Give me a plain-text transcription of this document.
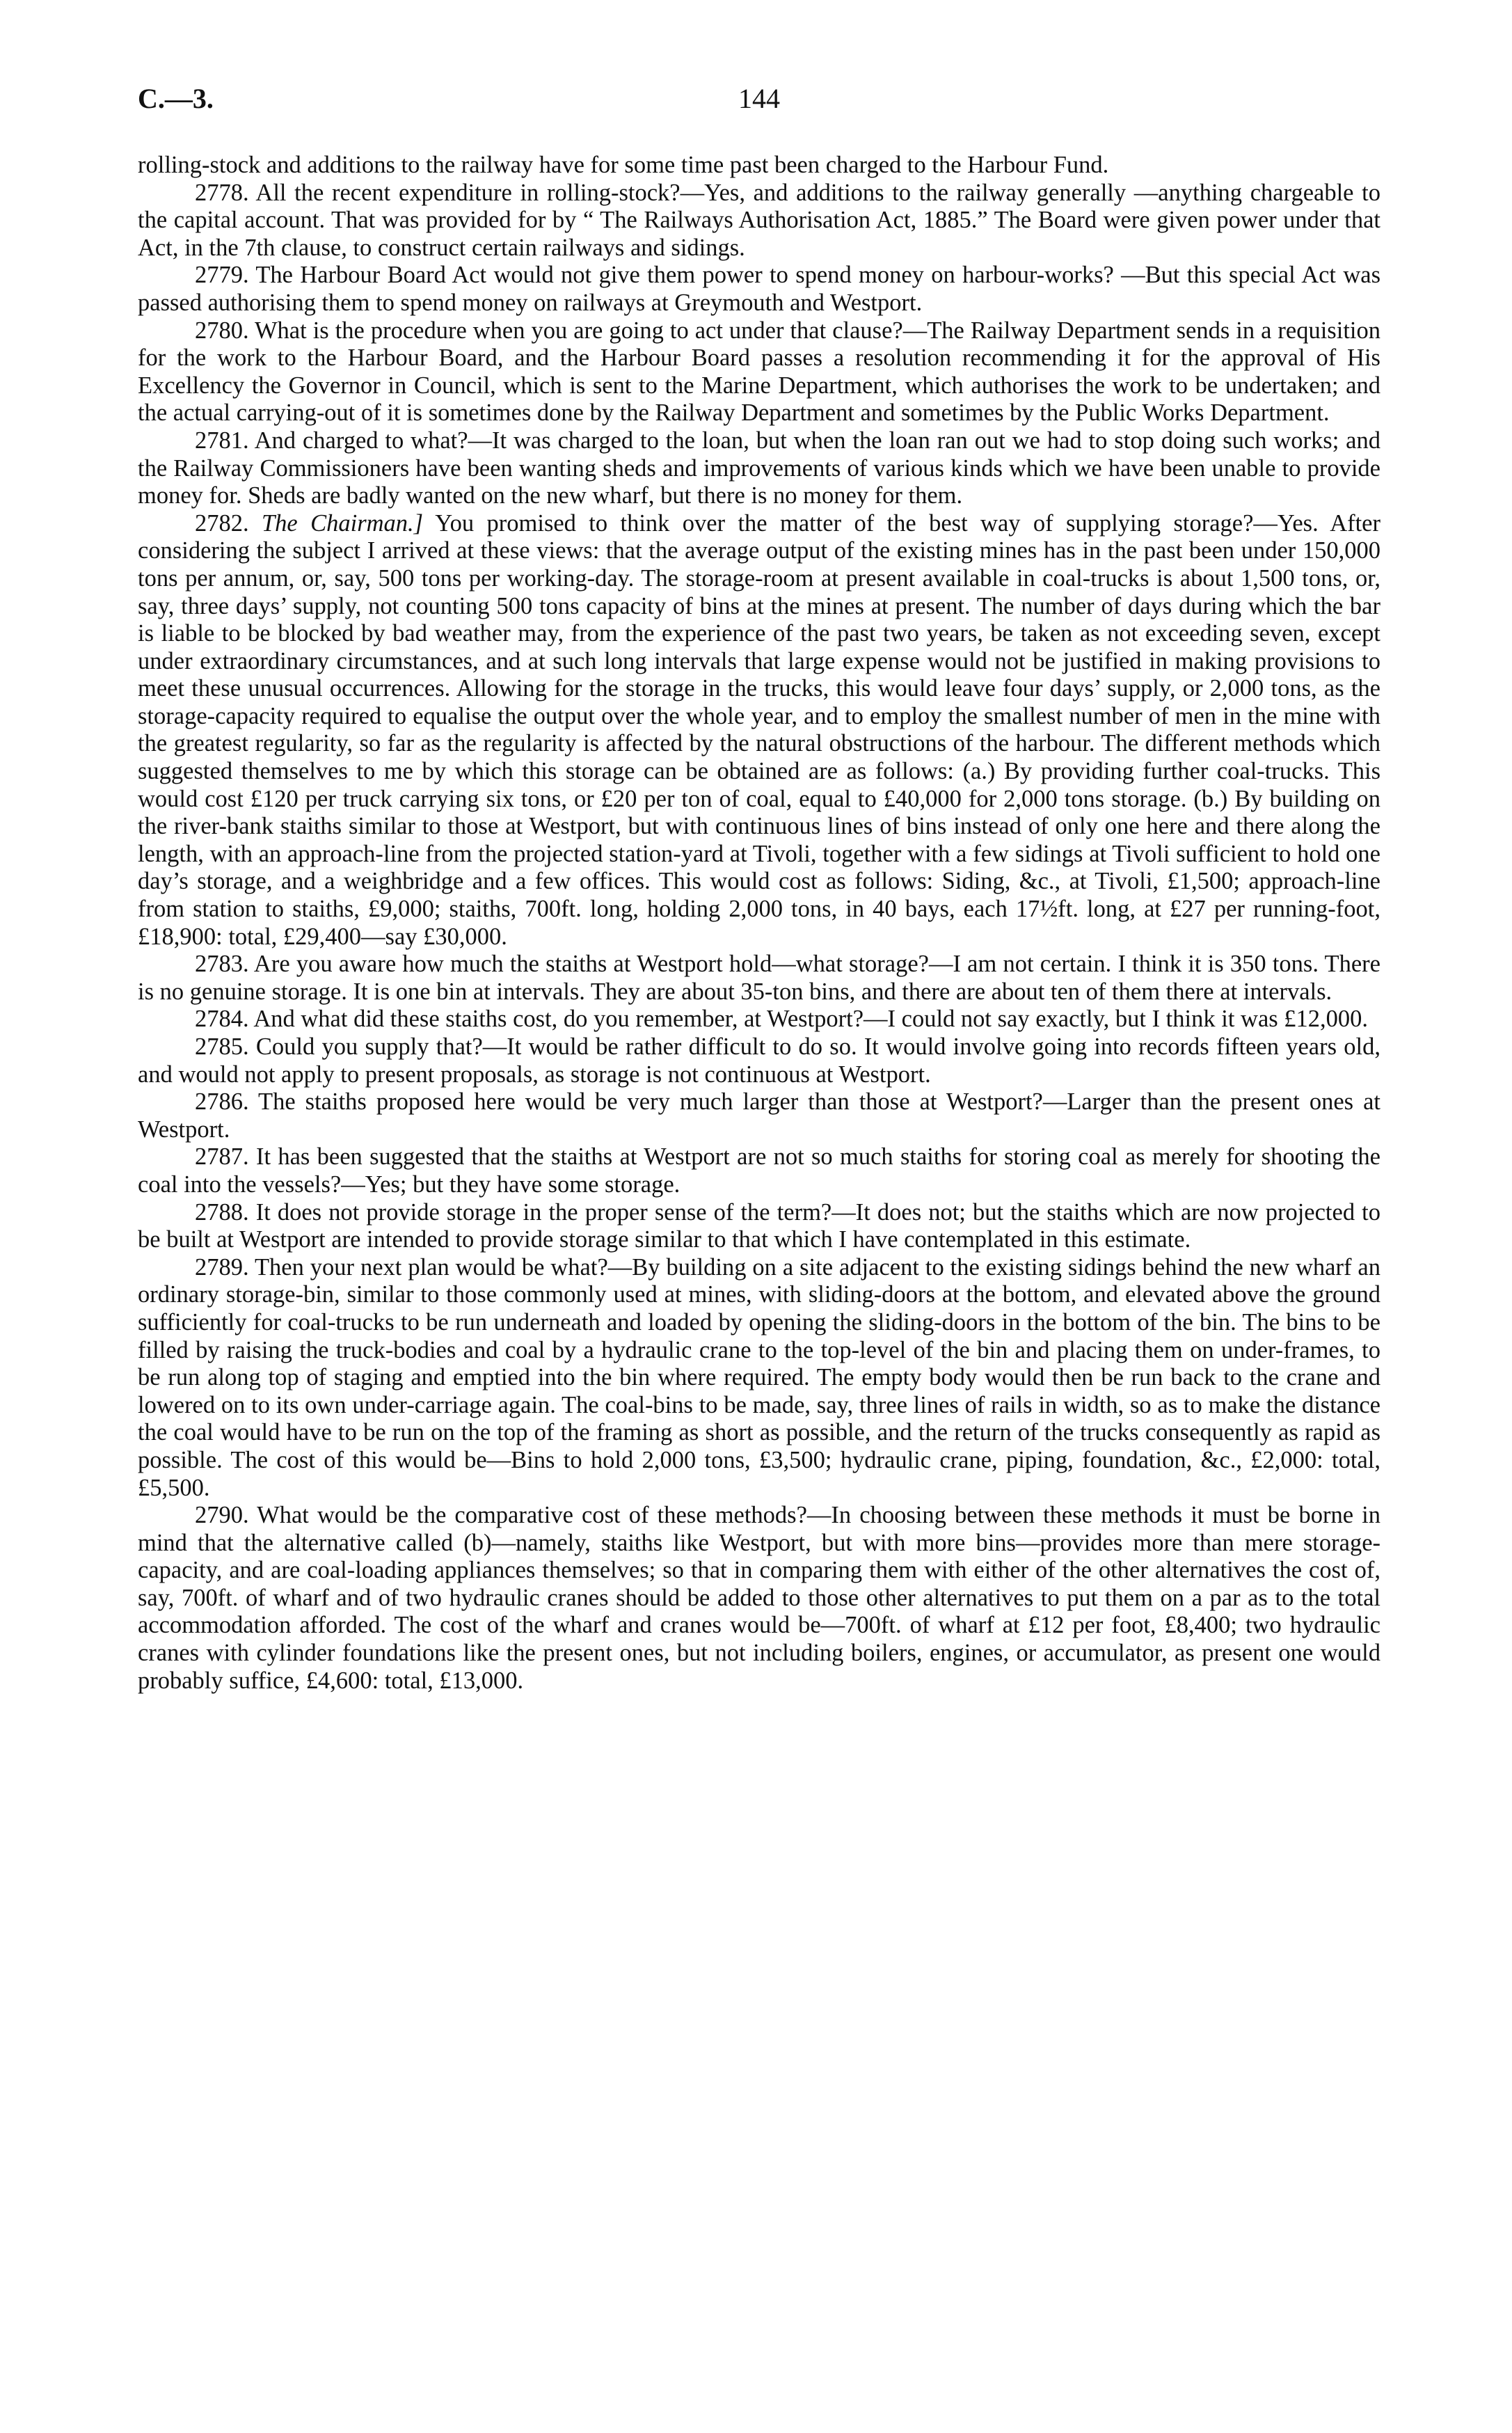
C.—3.	144

rolling-stock and additions to the railway have for some time past been charged to the Harbour Fund.

2778. All the recent expenditure in rolling-stock?—Yes, and additions to the railway generally —anything chargeable to the capital account. That was provided for by “ The Railways Authorisation Act, 1885.” The Board were given power under that Act, in the 7th clause, to construct certain railways and sidings.

2779. The Harbour Board Act would not give them power to spend money on harbour-works? —But this special Act was passed authorising them to spend money on railways at Greymouth and Westport.

2780. What is the procedure when you are going to act under that clause?—The Railway Department sends in a requisition for the work to the Harbour Board, and the Harbour Board passes a resolution recommending it for the approval of His Excellency the Governor in Council, which is sent to the Marine Department, which authorises the work to be undertaken; and the actual carrying-out of it is sometimes done by the Railway Department and sometimes by the Public Works Department.

2781. And charged to what?—It was charged to the loan, but when the loan ran out we had to stop doing such works; and the Railway Commissioners have been wanting sheds and improvements of various kinds which we have been unable to provide money for. Sheds are badly wanted on the new wharf, but there is no money for them.

2782. The Chairman.] You promised to think over the matter of the best way of supplying storage?—Yes. After considering the subject I arrived at these views: that the average output of the existing mines has in the past been under 150,000 tons per annum, or, say, 500 tons per working-day. The storage-room at present available in coal-trucks is about 1,500 tons, or, say, three days’ supply, not counting 500 tons capacity of bins at the mines at present. The number of days during which the bar is liable to be blocked by bad weather may, from the experience of the past two years, be taken as not exceeding seven, except under extraordinary circumstances, and at such long intervals that large expense would not be justified in making provisions to meet these unusual occurrences. Allowing for the storage in the trucks, this would leave four days’ supply, or 2,000 tons, as the storage-capacity required to equalise the output over the whole year, and to employ the smallest number of men in the mine with the greatest regularity, so far as the regularity is affected by the natural obstructions of the harbour. The different methods which suggested themselves to me by which this storage can be obtained are as follows: (a.) By providing further coal-trucks. This would cost £120 per truck carrying six tons, or £20 per ton of coal, equal to £40,000 for 2,000 tons storage. (b.) By building on the river-bank staiths similar to those at Westport, but with continuous lines of bins instead of only one here and there along the length, with an approach-line from the projected station-yard at Tivoli, together with a few sidings at Tivoli sufficient to hold one day’s storage, and a weighbridge and a few offices. This would cost as follows: Siding, &c., at Tivoli, £1,500; approach-line from station to staiths, £9,000; staiths, 700ft. long, holding 2,000 tons, in 40 bays, each 17½ft. long, at £27 per running-foot, £18,900: total, £29,400—say £30,000.

2783. Are you aware how much the staiths at Westport hold—what storage?—I am not certain. I think it is 350 tons. There is no genuine storage. It is one bin at intervals. They are about 35-ton bins, and there are about ten of them there at intervals.

2784. And what did these staiths cost, do you remember, at Westport?—I could not say exactly, but I think it was £12,000.

2785. Could you supply that?—It would be rather difficult to do so. It would involve going into records fifteen years old, and would not apply to present proposals, as storage is not continuous at Westport.

2786. The staiths proposed here would be very much larger than those at Westport?—Larger than the present ones at Westport.

2787. It has been suggested that the staiths at Westport are not so much staiths for storing coal as merely for shooting the coal into the vessels?—Yes; but they have some storage.

2788. It does not provide storage in the proper sense of the term?—It does not; but the staiths which are now projected to be built at Westport are intended to provide storage similar to that which I have contemplated in this estimate.

2789. Then your next plan would be what?—By building on a site adjacent to the existing sidings behind the new wharf an ordinary storage-bin, similar to those commonly used at mines, with sliding-doors at the bottom, and elevated above the ground sufficiently for coal-trucks to be run underneath and loaded by opening the sliding-doors in the bottom of the bin. The bins to be filled by raising the truck-bodies and coal by a hydraulic crane to the top-level of the bin and placing them on under-frames, to be run along top of staging and emptied into the bin where required. The empty body would then be run back to the crane and lowered on to its own under-carriage again. The coal-bins to be made, say, three lines of rails in width, so as to make the distance the coal would have to be run on the top of the framing as short as possible, and the return of the trucks consequently as rapid as possible. The cost of this would be—Bins to hold 2,000 tons, £3,500; hydraulic crane, piping, foundation, &c., £2,000: total, £5,500.

2790. What would be the comparative cost of these methods?—In choosing between these methods it must be borne in mind that the alternative called (b)—namely, staiths like Westport, but with more bins—provides more than mere storage-capacity, and are coal-loading appliances themselves; so that in comparing them with either of the other alternatives the cost of, say, 700ft. of wharf and of two hydraulic cranes should be added to those other alternatives to put them on a par as to the total accommodation afforded. The cost of the wharf and cranes would be—700ft. of wharf at £12 per foot, £8,400; two hydraulic cranes with cylinder foundations like the present ones, but not including boilers, engines, or accumulator, as present one would probably suffice, £4,600: total, £13,000.
